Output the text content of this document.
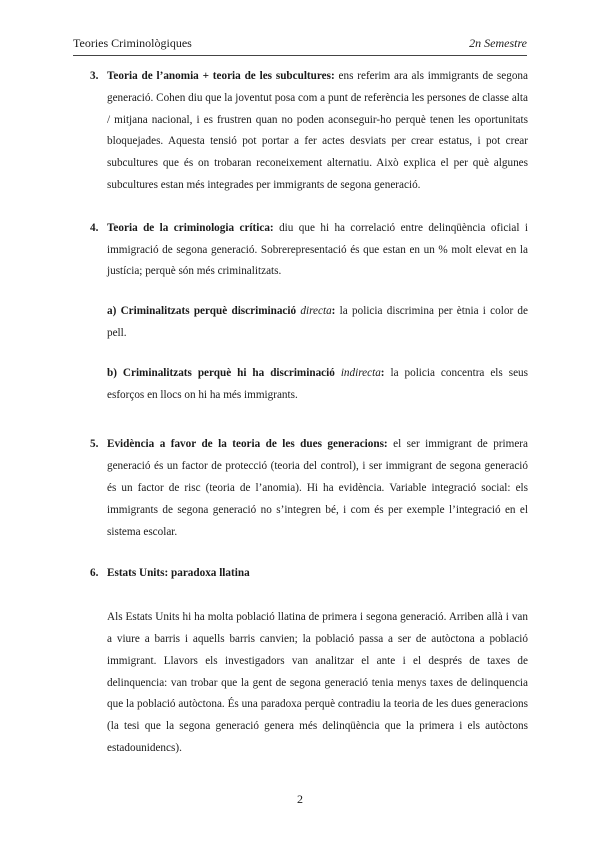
Teories Criminològiques	2n Semestre
3. Teoria de l’anomia + teoria de les subcultures: ens referim ara als immigrants de segona generació. Cohen diu que la joventut posa com a punt de referència les persones de classe alta / mitjana nacional, i es frustren quan no poden aconseguir-ho perquè tenen les oportunitats bloquejades. Aquesta tensió pot portar a fer actes desviats per crear estatus, i pot crear subcultures que és on trobaran reconeixement alternatiu. Això explica el per què algunes subcultures estan més integrades per immigrants de segona generació.
4. Teoria de la criminologia crítica: diu que hi ha correlació entre delinqüència oficial i immigració de segona generació. Sobrerepresentació és que estan en un % molt elevat en la justícia; perquè són més criminalitzats.
a) Criminalitzats perquè discriminació directa: la policia discrimina per ètnia i color de pell.
b) Criminalitzats perquè hi ha discriminació indirecta: la policia concentra els seus esforços en llocs on hi ha més immigrants.
5. Evidència a favor de la teoria de les dues generacions: el ser immigrant de primera generació és un factor de protecció (teoria del control), i ser immigrant de segona generació és un factor de risc (teoria de l’anomia). Hi ha evidència. Variable integració social: els immigrants de segona generació no s’integren bé, i com és per exemple l’integració en el sistema escolar.
6. Estats Units: paradoxa llatina
Als Estats Units hi ha molta població llatina de primera i segona generació. Arriben allà i van a viure a barris i aquells barris canvien; la població passa a ser de autòctona a població immigrant. Llavors els investigadors van analitzar el ante i el després de taxes de delinquencia: van trobar que la gent de segona generació tenia menys taxes de delinquencia que la població autòctona. És una paradoxa perquè contradiu la teoria de les dues generacions (la tesi que la segona generació genera més delinqüència que la primera i els autòctons estadounidencs).
2
